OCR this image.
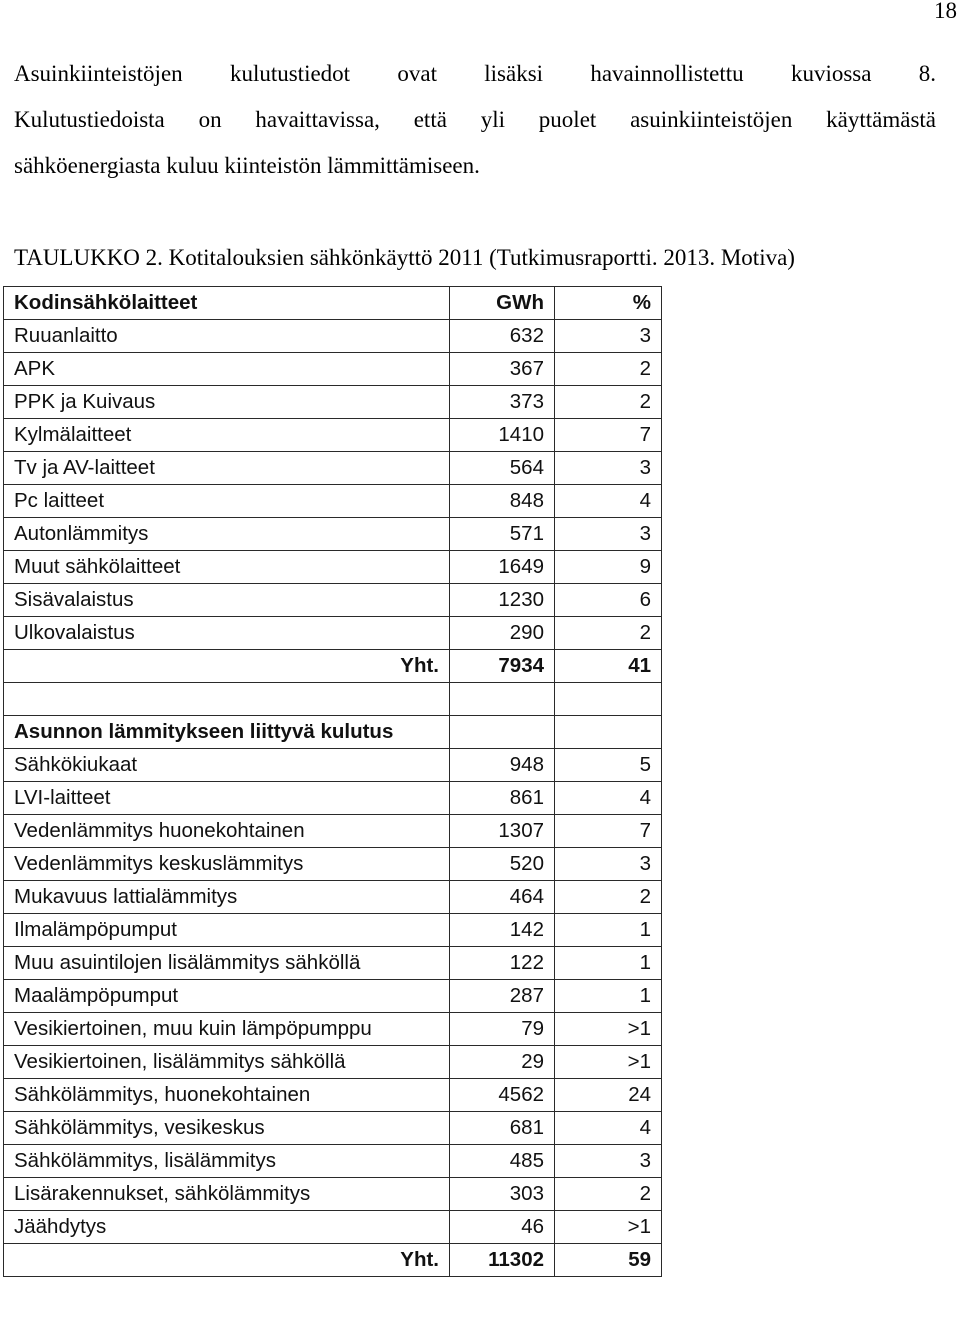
18
Asuinkiinteistöjen kulutustiedot ovat lisäksi havainnollistettu kuviossa 8.
Kulutustiedoista on havaittavissa, että yli puolet asuinkiinteistöjen käyttämästä
sähköenergiasta kuluu kiinteistön lämmittämiseen.
TAULUKKO 2. Kotitalouksien sähkönkäyttö 2011 (Tutkimusraportti. 2013. Motiva)
Kodinsähkölaitteet	GWh	%
Ruuanlaitto	632	3
APK	367	2
PPK ja Kuivaus	373	2
Kylmälaitteet	1410	7
Tv ja AV-laitteet	564	3
Pc laitteet	848	4
Autonlämmitys	571	3
Muut sähkölaitteet	1649	9
Sisävalaistus	1230	6
Ulkovalaistus	290	2
Yht.	7934	41

Asunnon lämmitykseen liittyvä kulutus		
Sähkökiukaat	948	5
LVI-laitteet	861	4
Vedenlämmitys huonekohtainen	1307	7
Vedenlämmitys keskuslämmitys	520	3
Mukavuus lattialämmitys	464	2
Ilmalämpöpumput	142	1
Muu asuintilojen lisälämmitys sähköllä	122	1
Maalämpöpumput	287	1
Vesikiertoinen, muu kuin lämpöpumppu	79	>1
Vesikiertoinen, lisälämmitys sähköllä	29	>1
Sähkölämmitys, huonekohtainen	4562	24
Sähkölämmitys, vesikeskus	681	4
Sähkölämmitys, lisälämmitys	485	3
Lisärakennukset, sähkölämmitys	303	2
Jäähdytys	46	>1
Yht.	11302	59
